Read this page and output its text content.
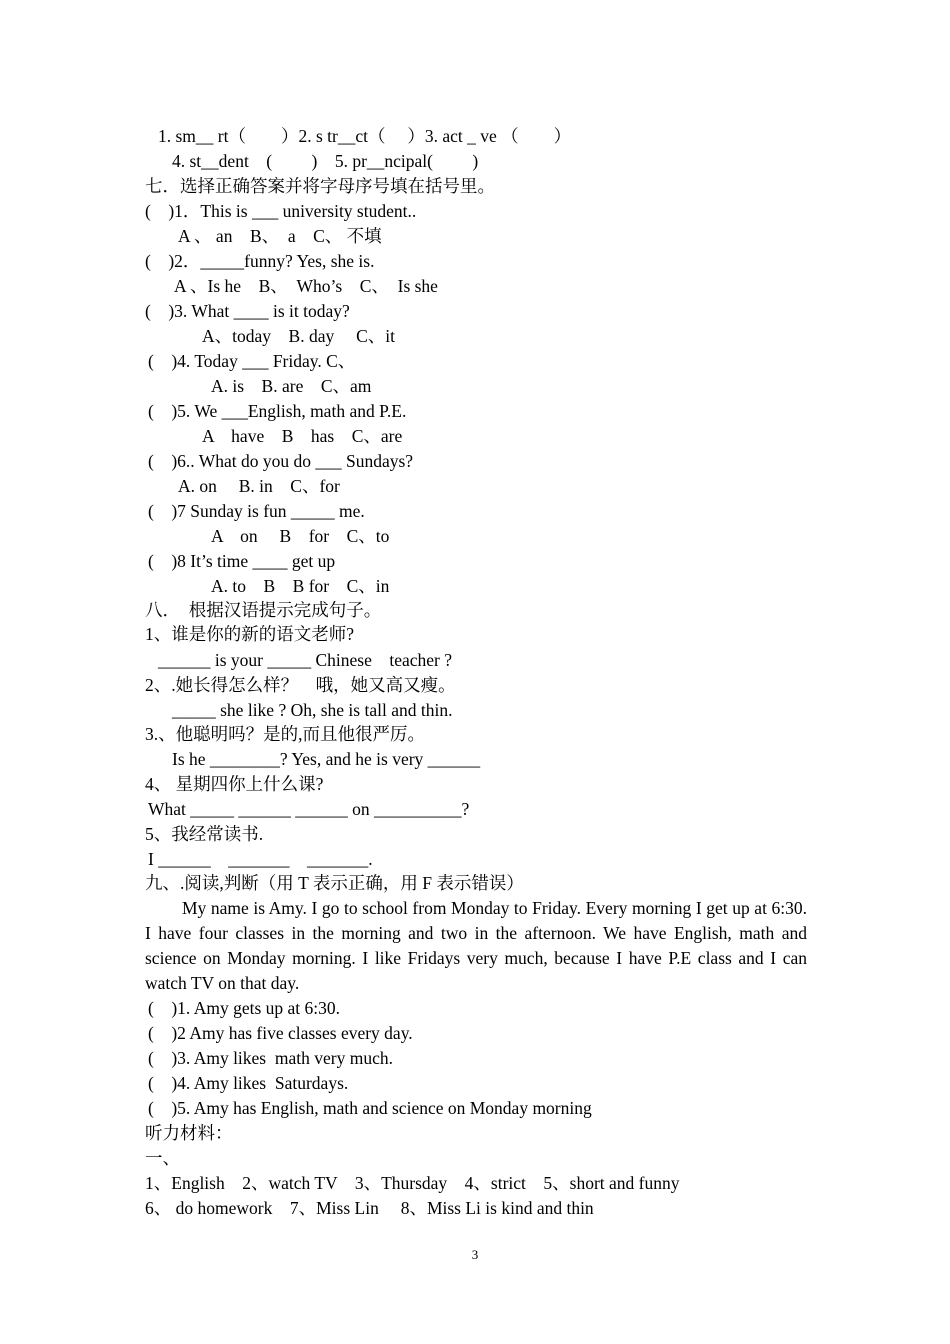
1. sm__ rt（　　）2. s tr__ct（　 ）3. act _ ve （　　）
4. st__dent　(　　 )　5. pr__ncipal(　　 )
七．选择正确答案并将字母序号填在括号里。
(　)1．This is ___ university student..
A 、 an　B、　a　C、 不填
(　)2．_____funny? Yes, she is.
A 、Is he　B、　Who’s　C、　Is she
(　)3. What ____ is it today?
A、today　B. day　 C、it
(　)4. Today ___ Friday. C、
A. is　B. are　C、am
(　)5. We ___English, math and P.E.
A　have　B　has　C、are
(　)6.. What do you do ___ Sundays?
A. on　 B. in　C、for
(　)7 Sunday is fun _____ me.
A　on　 B　for　C、to
(　)8 It’s time ____ get up
A. to　B　B for　C、in
八．　根据汉语提示完成句子。
1、谁是你的新的语文老师?
______ is your _____ Chinese　teacher ?
2、.她长得怎么样？　哦，她又高又瘦。
_____ she like ? Oh, she is tall and thin.
3.、他聪明吗？是的,而且他很严厉。
Is he ________? Yes, and he is very ______
4、 星期四你上什么课?
What _____ ______ ______ on __________?
5、我经常读书.
I ______　_______　_______.
九、.阅读,判断（用 T 表示正确，用 F 表示错误）
My name is Amy. I go to school from Monday to Friday. Every morning I get up at 6:30. I have four classes in the morning and two in the afternoon. We have English, math and science on Monday morning. I like Fridays very much, because I have P.E class and I can watch TV on that day.
(　)1. Amy gets up at 6:30.
(　)2 Amy has five classes every day.
(　)3. Amy likes  math very much.
(　)4. Amy likes  Saturdays.
(　)5. Amy has English, math and science on Monday morning
听力材料：
一、
1、English　2、watch TV　3、Thursday　4、strict　5、short and funny
6、 do homework　7、Miss Lin　 8、Miss Li is kind and thin
3
